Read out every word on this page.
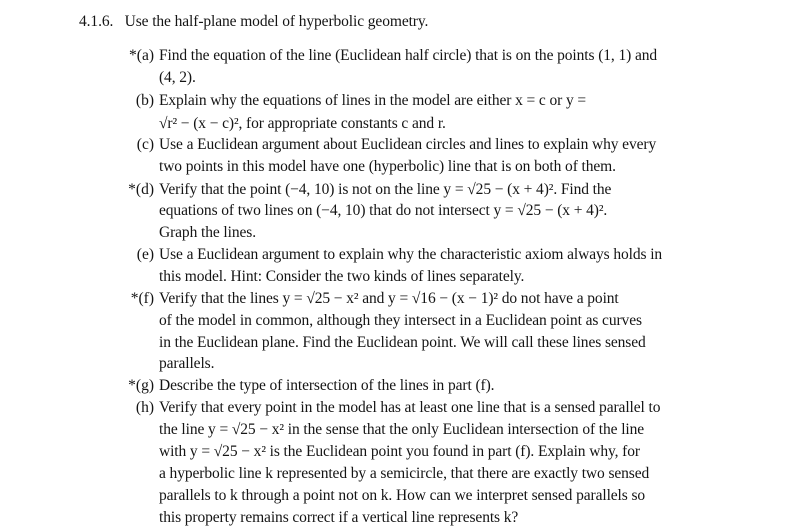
4.1.6. Use the half-plane model of hyperbolic geometry.
*(a) Find the equation of the line (Euclidean half circle) that is on the points (1, 1) and
(4, 2).
(b) Explain why the equations of lines in the model are either x = c or y =
√r² − (x − c)², for appropriate constants c and r.
(c) Use a Euclidean argument about Euclidean circles and lines to explain why every
two points in this model have one (hyperbolic) line that is on both of them.
*(d) Verify that the point (−4, 10) is not on the line y = √25 − (x + 4)². Find the
equations of two lines on (−4, 10) that do not intersect y = √25 − (x + 4)².
Graph the lines.
(e) Use a Euclidean argument to explain why the characteristic axiom always holds in
this model. Hint: Consider the two kinds of lines separately.
*(f) Verify that the lines y = √25 − x² and y = √16 − (x − 1)² do not have a point
of the model in common, although they intersect in a Euclidean point as curves
in the Euclidean plane. Find the Euclidean point. We will call these lines sensed
parallels.
*(g) Describe the type of intersection of the lines in part (f).
(h) Verify that every point in the model has at least one line that is a sensed parallel to
the line y = √25 − x² in the sense that the only Euclidean intersection of the line
with y = √25 − x² is the Euclidean point you found in part (f). Explain why, for
a hyperbolic line k represented by a semicircle, that there are exactly two sensed
parallels to k through a point not on k. How can we interpret sensed parallels so
this property remains correct if a vertical line represents k?
